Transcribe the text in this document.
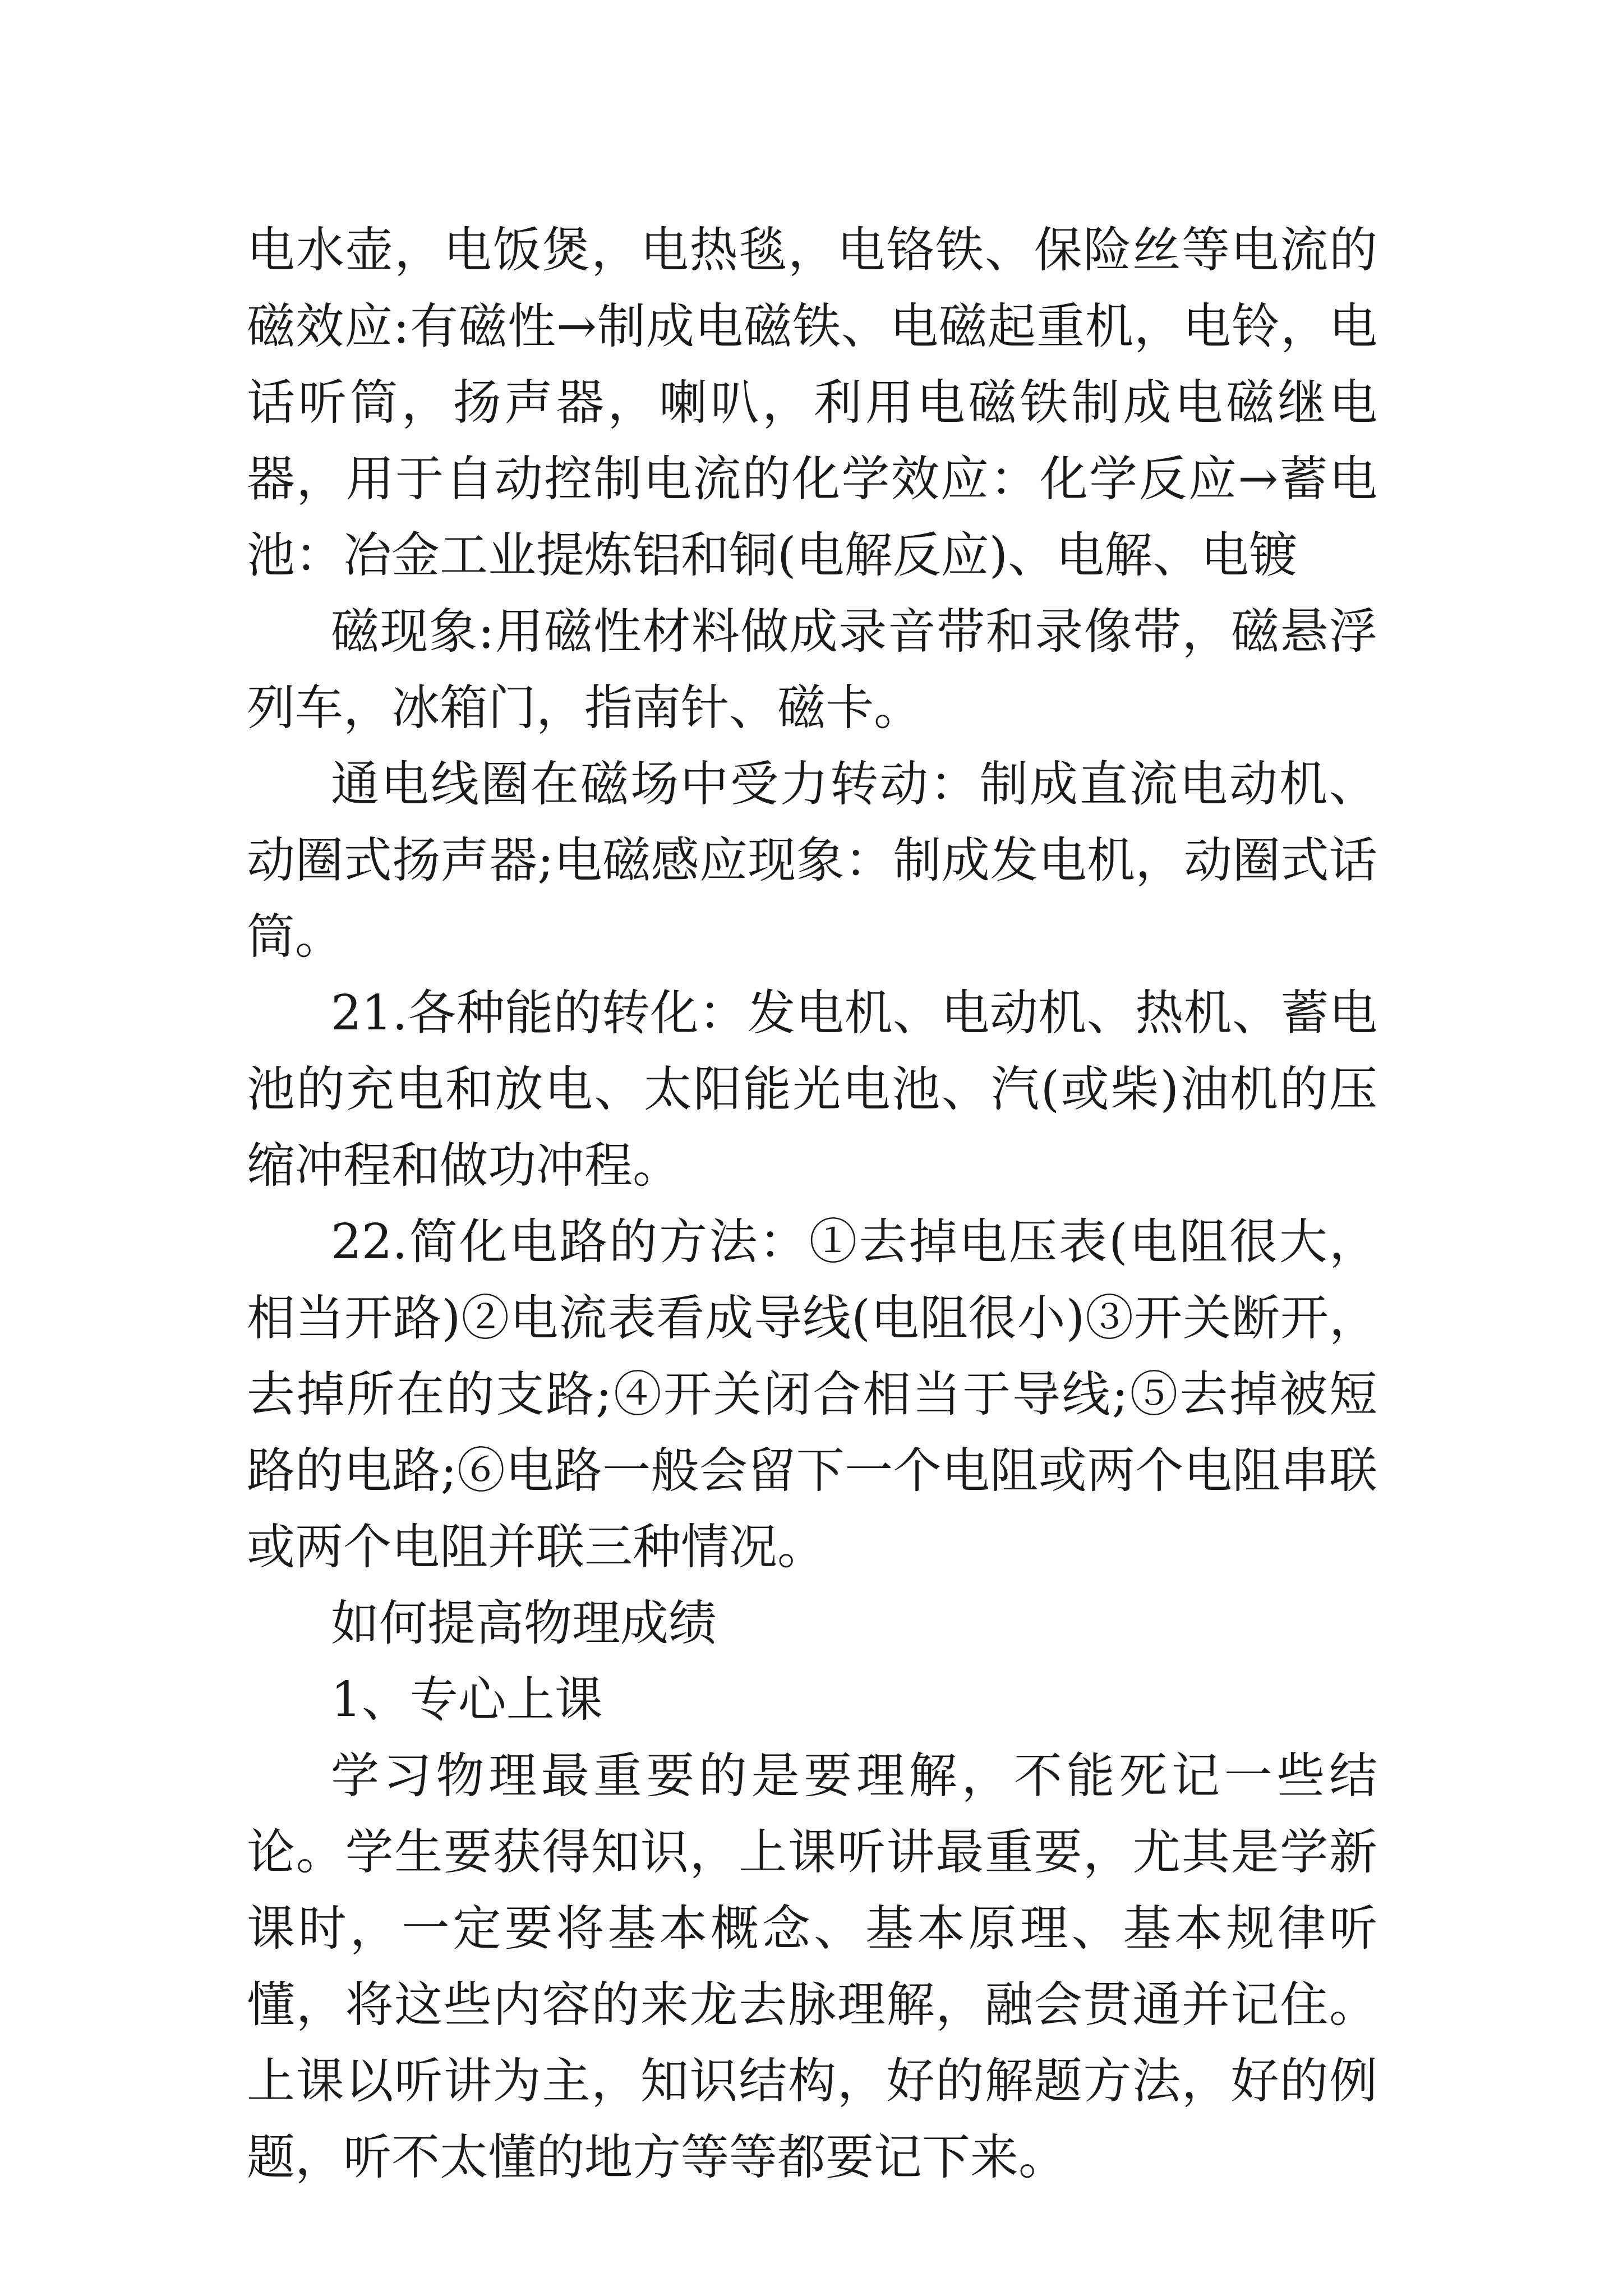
电水壶，电饭煲，电热毯，电铬铁、保险丝等电流的磁效应:有磁性→制成电磁铁、电磁起重机，电铃，电话听筒，扬声器，喇叭，利用电磁铁制成电磁继电器，用于自动控制电流的化学效应：化学反应→蓄电池：冶金工业提炼铝和铜(电解反应)、电解、电镀

磁现象:用磁性材料做成录音带和录像带，磁悬浮列车，冰箱门，指南针、磁卡。

通电线圈在磁场中受力转动：制成直流电动机、动圈式扬声器;电磁感应现象：制成发电机，动圈式话筒。

21.各种能的转化：发电机、电动机、热机、蓄电池的充电和放电、太阳能光电池、汽(或柴)油机的压缩冲程和做功冲程。

22.简化电路的方法：①去掉电压表(电阻很大，相当开路)②电流表看成导线(电阻很小)③开关断开，去掉所在的支路;④开关闭合相当于导线;⑤去掉被短路的电路;⑥电路一般会留下一个电阻或两个电阻串联或两个电阻并联三种情况。

如何提高物理成绩

1、专心上课

学习物理最重要的是要理解，不能死记一些结论。学生要获得知识，上课听讲最重要，尤其是学新课时，一定要将基本概念、基本原理、基本规律听懂，将这些内容的来龙去脉理解，融会贯通并记住。上课以听讲为主，知识结构，好的解题方法，好的例题，听不太懂的地方等等都要记下来。
